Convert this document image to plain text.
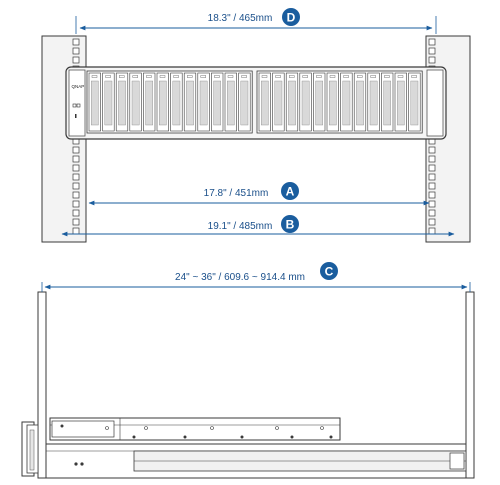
QNAP
18.3" / 465mm D
17.8" / 451mm A
19.1" / 485mm B
24" ~ 36" / 609.6 ~ 914.4 mm C
